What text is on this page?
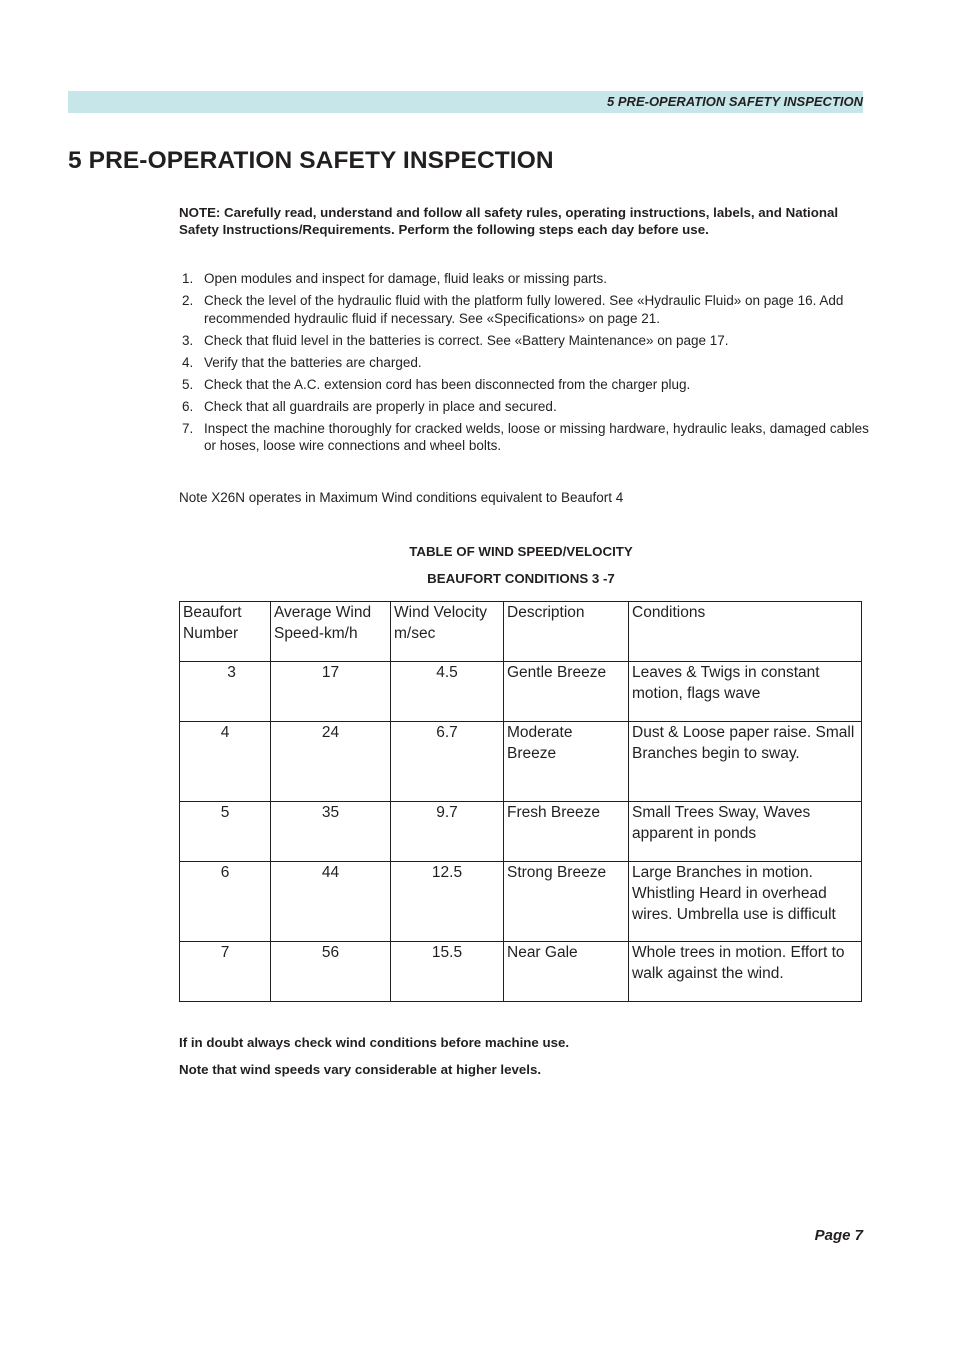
5 PRE-OPERATION SAFETY INSPECTION
5 PRE-OPERATION SAFETY INSPECTION

NOTE: Carefully read, understand and follow all safety rules, operating instructions, labels, and National Safety Instructions/Requirements. Perform the following steps each day before use.

1. Open modules and inspect for damage, fluid leaks or missing parts.
2. Check the level of the hydraulic fluid with the platform fully lowered. See «Hydraulic Fluid» on page 16. Add recommended hydraulic fluid if necessary. See «Specifications» on page 21.
3. Check that fluid level in the batteries is correct. See «Battery Maintenance» on page 17.
4. Verify that the batteries are charged.
5. Check that the A.C. extension cord has been disconnected from the charger plug.
6. Check that all guardrails are properly in place and secured.
7. Inspect the machine thoroughly for cracked welds, loose or missing hardware, hydraulic leaks, damaged cables or hoses, loose wire connections and wheel bolts.

Note X26N operates in Maximum Wind conditions equivalent to Beaufort 4

TABLE OF WIND SPEED/VELOCITY

BEAUFORT CONDITIONS 3 -7

Beaufort Number	Average Wind Speed-km/h	Wind Velocity m/sec	Description	Conditions
3	17	4.5	Gentle Breeze	Leaves & Twigs in constant motion, flags wave
4	24	6.7	Moderate Breeze	Dust & Loose paper raise. Small Branches begin to sway.
5	35	9.7	Fresh Breeze	Small Trees Sway, Waves apparent in ponds
6	44	12.5	Strong Breeze	Large Branches in motion. Whistling Heard in overhead wires. Umbrella use is difficult
7	56	15.5	Near Gale	Whole trees in motion. Effort to walk against the wind.

If in doubt always check wind conditions before machine use.

Note that wind speeds vary considerable at higher levels.

Page 7
